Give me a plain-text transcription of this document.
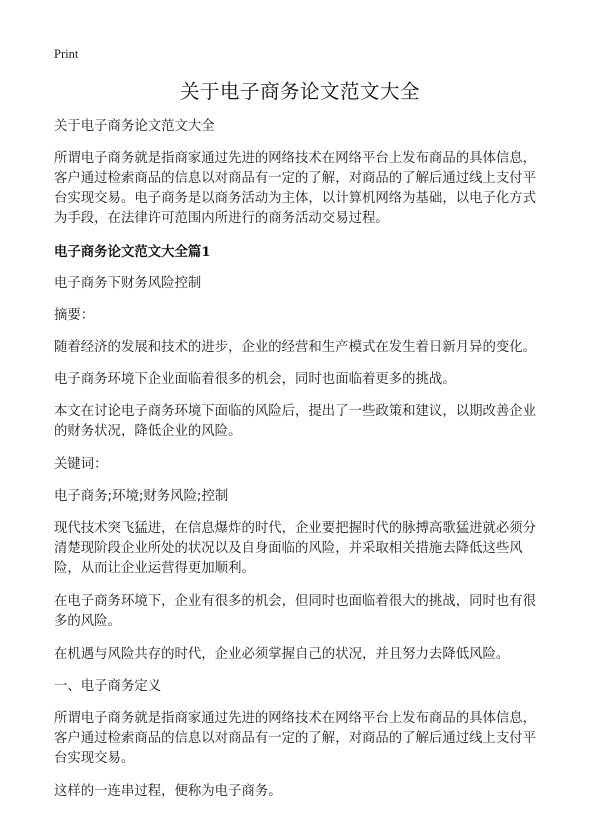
Print
关于电子商务论文范文大全

关于电子商务论文范文大全

所谓电子商务就是指商家通过先进的网络技术在网络平台上发布商品的具体信息，客户通过检索商品的信息以对商品有一定的了解，对商品的了解后通过线上支付平台实现交易。电子商务是以商务活动为主体，以计算机网络为基础，以电子化方式为手段，在法律许可范围内所进行的商务活动交易过程。

电子商务论文范文大全篇1

电子商务下财务风险控制

摘要：

随着经济的发展和技术的进步，企业的经营和生产模式在发生着日新月异的变化。

电子商务环境下企业面临着很多的机会，同时也面临着更多的挑战。

本文在讨论电子商务环境下面临的风险后，提出了一些政策和建议，以期改善企业的财务状况，降低企业的风险。

关键词：

电子商务;环境;财务风险;控制

现代技术突飞猛进，在信息爆炸的时代，企业要把握时代的脉搏高歌猛进就必须分清楚现阶段企业所处的状况以及自身面临的风险，并采取相关措施去降低这些风险，从而让企业运营得更加顺利。

在电子商务环境下，企业有很多的机会，但同时也面临着很大的挑战，同时也有很多的风险。

在机遇与风险共存的时代，企业必须掌握自己的状况，并且努力去降低风险。

一、电子商务定义

所谓电子商务就是指商家通过先进的网络技术在网络平台上发布商品的具体信息，客户通过检索商品的信息以对商品有一定的了解，对商品的了解后通过线上支付平台实现交易。

这样的一连串过程，便称为电子商务。
